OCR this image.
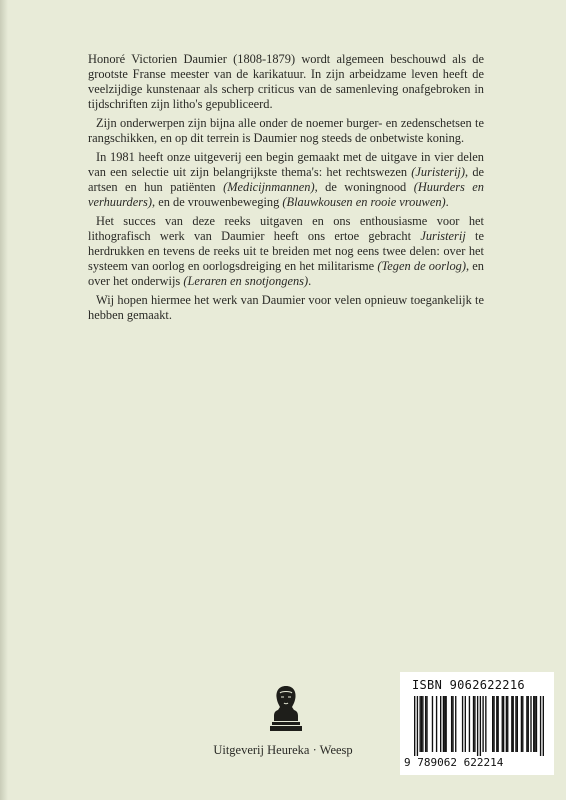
Honoré Victorien Daumier (1808-1879) wordt algemeen beschouwd als de grootste Franse meester van de karikatuur. In zijn arbeidzame leven heeft de veelzijdige kunstenaar als scherp criticus van de samenleving onafgebroken in tijdschriften zijn litho's gepubliceerd.

Zijn onderwerpen zijn bijna alle onder de noemer burger- en zedenschetsen te rangschikken, en op dit terrein is Daumier nog steeds de onbetwiste koning.

In 1981 heeft onze uitgeverij een begin gemaakt met de uitgave in vier delen van een selectie uit zijn belangrijkste thema's: het rechtswezen (Juristerij), de artsen en hun patiënten (Medicijnmannen), de woningnood (Huurders en verhuurders), en de vrouwenbeweging (Blauwkousen en rooie vrouwen).

Het succes van deze reeks uitgaven en ons enthousiasme voor het lithografisch werk van Daumier heeft ons ertoe gebracht Juristerij te herdrukken en tevens de reeks uit te breiden met nog eens twee delen: over het systeem van oorlog en oorlogsdreiging en het militarisme (Tegen de oorlog), en over het onderwijs (Leraren en snotjongens).

Wij hopen hiermee het werk van Daumier voor velen opnieuw toegankelijk te hebben gemaakt.

Uitgeverij Heureka · Weesp
ISBN 9062622216
9 789062 622214
